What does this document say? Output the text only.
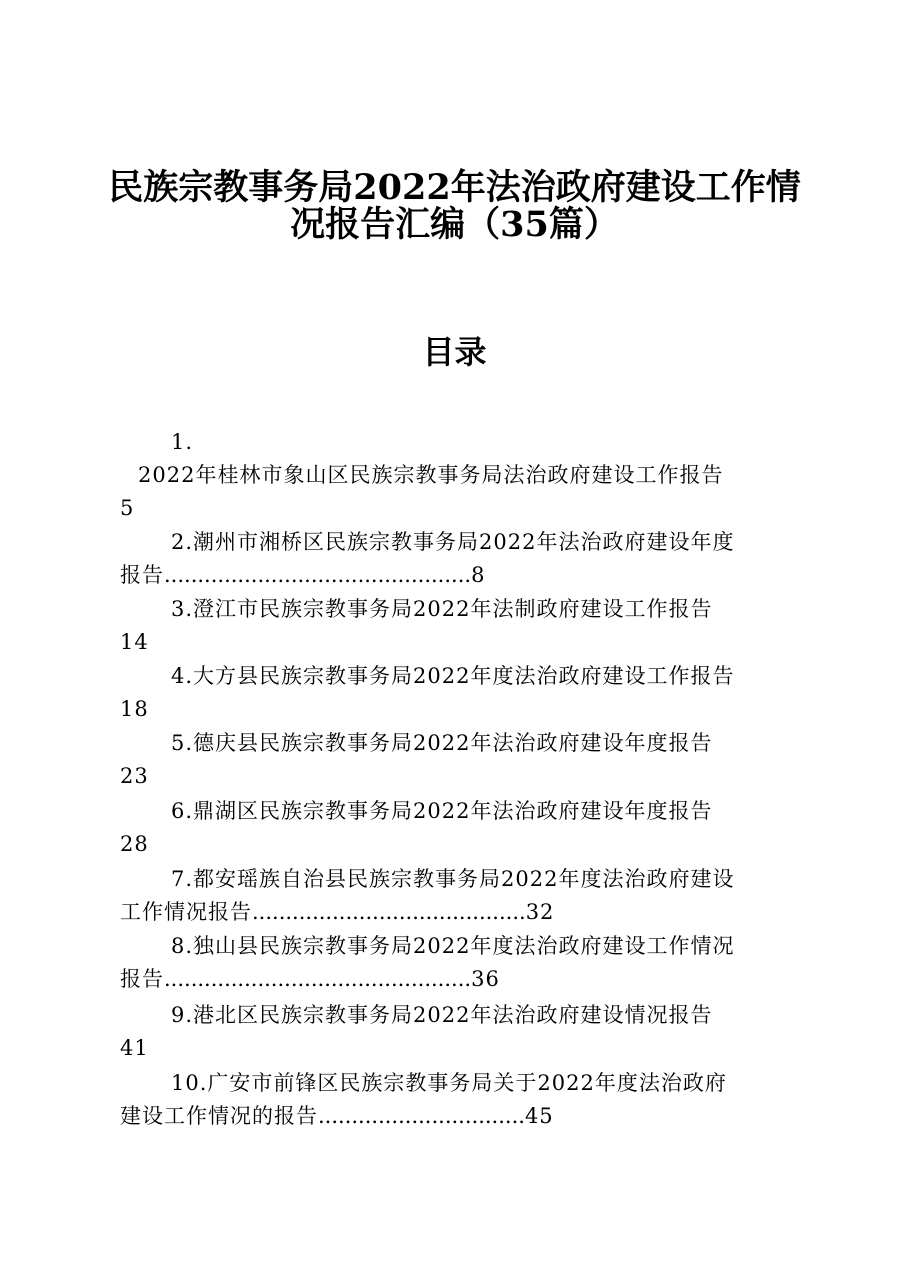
民族宗教事务局2022年法治政府建设工作情
况报告汇编（35篇）
目录
1.
2022年桂林市象山区民族宗教事务局法治政府建设工作报告
5
2.潮州市湘桥区民族宗教事务局2022年法治政府建设年度
报告..............................................8
3.澄江市民族宗教事务局2022年法制政府建设工作报告
14
4.大方县民族宗教事务局2022年度法治政府建设工作报告
18
5.德庆县民族宗教事务局2022年法治政府建设年度报告
23
6.鼎湖区民族宗教事务局2022年法治政府建设年度报告
28
7.都安瑶族自治县民族宗教事务局2022年度法治政府建设
工作情况报告.........................................32
8.独山县民族宗教事务局2022年度法治政府建设工作情况
报告..............................................36
9.港北区民族宗教事务局2022年法治政府建设情况报告
41
10.广安市前锋区民族宗教事务局关于2022年度法治政府
建设工作情况的报告...............................45
